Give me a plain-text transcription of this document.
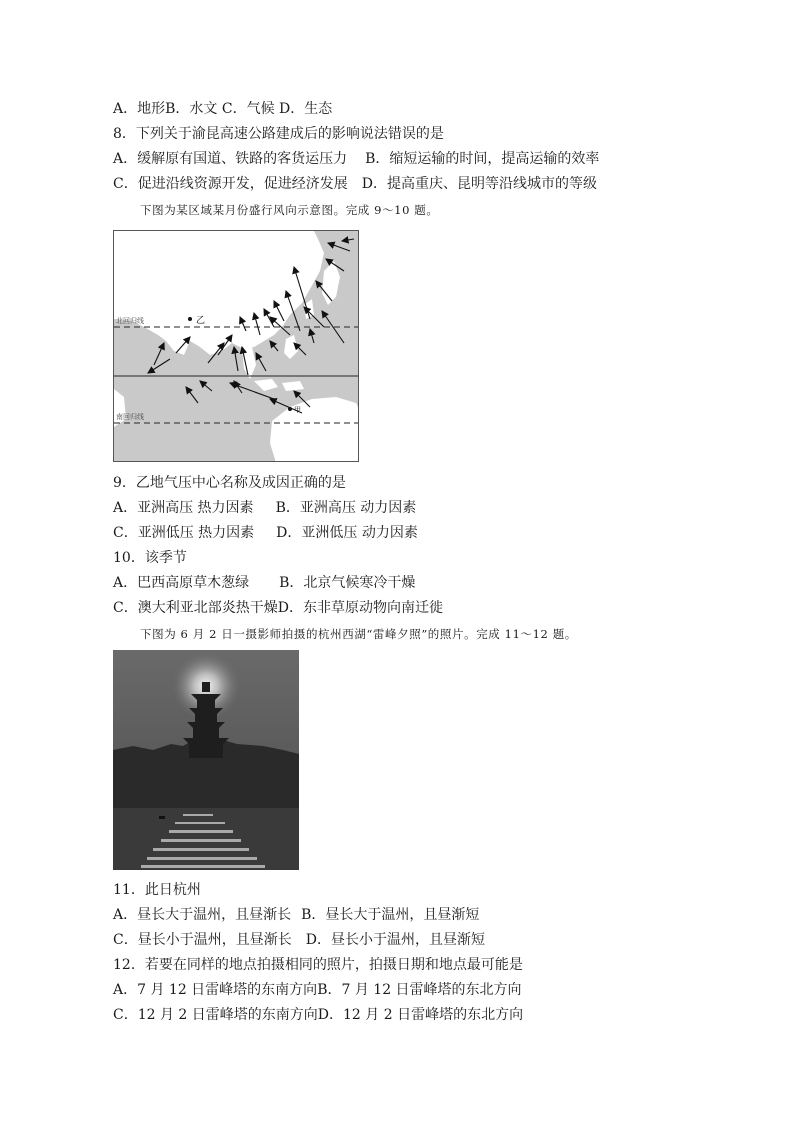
A．地形B．水文 C．气候 D．生态
8．下列关于渝昆高速公路建成后的影响说法错误的是
A．缓解原有国道、铁路的客货运压力 B．缩短运输的时间，提高运输的效率
C．促进沿线资源开发，促进经济发展 D．提高重庆、昆明等沿线城市的等级
下图为某区域某月份盛行风向示意图。完成 9～10 题。
北回归线
南回归线
乙
甲
9．乙地气压中心名称及成因正确的是
A．亚洲高压 热力因素 B．亚洲高压 动力因素
C．亚洲低压 热力因素 D．亚洲低压 动力因素
10．该季节
A．巴西高原草木葱绿 B．北京气候寒冷干燥
C．澳大利亚北部炎热干燥D．东非草原动物向南迁徙
下图为 6 月 2 日一摄影师拍摄的杭州西湖“雷峰夕照”的照片。完成 11～12 题。
11．此日杭州
A．昼长大于温州，且昼渐长 B．昼长大于温州，且昼渐短
C．昼长小于温州，且昼渐长 D．昼长小于温州，且昼渐短
12．若要在同样的地点拍摄相同的照片，拍摄日期和地点最可能是
A．7 月 12 日雷峰塔的东南方向B．7 月 12 日雷峰塔的东北方向
C．12 月 2 日雷峰塔的东南方向D．12 月 2 日雷峰塔的东北方向
